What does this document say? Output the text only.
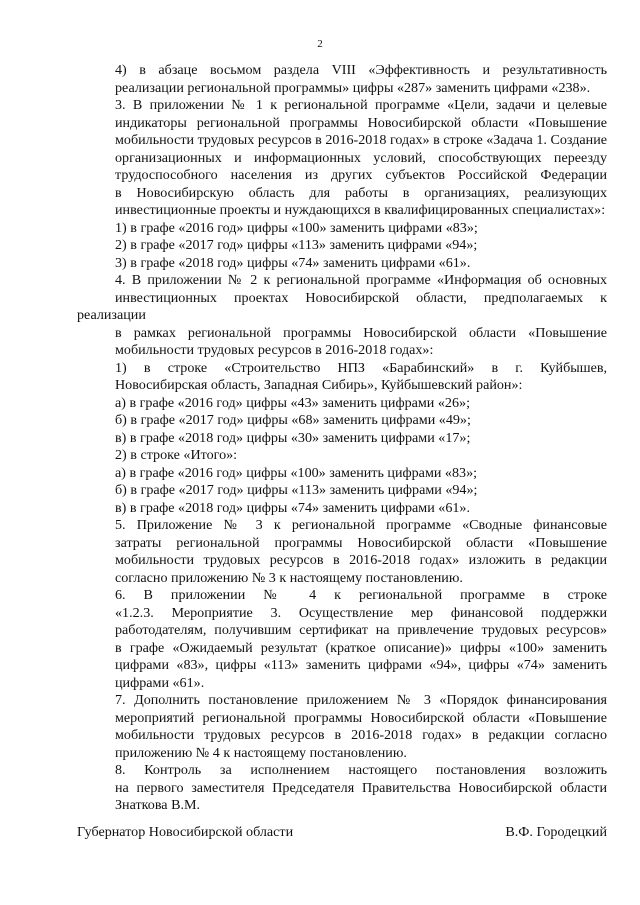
2
4) в абзаце восьмом раздела VIII «Эффективность и результативность
реализации региональной программы» цифры «287» заменить цифрами «238».
3. В приложении № 1 к региональной программе «Цели, задачи и целевые
индикаторы региональной программы Новосибирской области «Повышение
мобильности трудовых ресурсов в 2016-2018 годах» в строке «Задача 1. Создание
организационных и информационных условий, способствующих переезду
трудоспособного населения из других субъектов Российской Федерации
в Новосибирскую область для работы в организациях, реализующих
инвестиционные проекты и нуждающихся в квалифицированных специалистах»:
1) в графе «2016 год» цифры «100» заменить цифрами «83»;
2) в графе «2017 год» цифры «113» заменить цифрами «94»;
3) в графе «2018 год» цифры «74» заменить цифрами «61».
4. В приложении № 2 к региональной программе «Информация об основных
инвестиционных проектах Новосибирской области, предполагаемых к реализации
в рамках региональной программы Новосибирской области «Повышение
мобильности трудовых ресурсов в 2016-2018 годах»:
1) в строке «Строительство НПЗ «Барабинский» в г. Куйбышев,
Новосибирская область, Западная Сибирь», Куйбышевский район»:
а) в графе «2016 год» цифры «43» заменить цифрами «26»;
б) в графе «2017 год» цифры «68» заменить цифрами «49»;
в) в графе «2018 год» цифры «30» заменить цифрами «17»;
2) в строке «Итого»:
а) в графе «2016 год» цифры «100» заменить цифрами «83»;
б) в графе «2017 год» цифры «113» заменить цифрами «94»;
в) в графе «2018 год» цифры «74» заменить цифрами «61».
5. Приложение № 3 к региональной программе «Сводные финансовые
затраты региональной программы Новосибирской области «Повышение
мобильности трудовых ресурсов в 2016-2018 годах» изложить в редакции
согласно приложению № 3 к настоящему постановлению.
6. В приложении № 4 к региональной программе в строке
«1.2.3. Мероприятие 3. Осуществление мер финансовой поддержки
работодателям, получившим сертификат на привлечение трудовых ресурсов»
в графе «Ожидаемый результат (краткое описание)» цифры «100» заменить
цифрами «83», цифры «113» заменить цифрами «94», цифры «74» заменить
цифрами «61».
7. Дополнить постановление приложением № 3 «Порядок финансирования
мероприятий региональной программы Новосибирской области «Повышение
мобильности трудовых ресурсов в 2016-2018 годах» в редакции согласно
приложению № 4 к настоящему постановлению.
8. Контроль за исполнением настоящего постановления возложить
на первого заместителя Председателя Правительства Новосибирской области
Знаткова В.М.
Губернатор Новосибирской области	В.Ф. Городецкий
